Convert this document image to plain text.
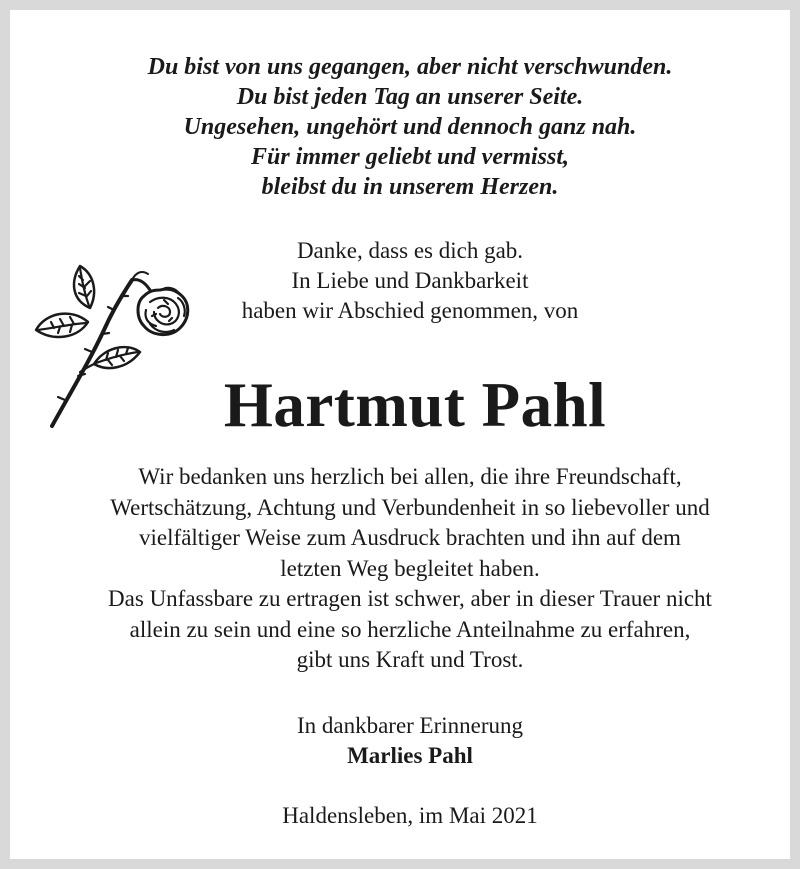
Du bist von uns gegangen, aber nicht verschwunden.
Du bist jeden Tag an unserer Seite.
Ungesehen, ungehört und dennoch ganz nah.
Für immer geliebt und vermisst,
bleibst du in unserem Herzen.
Danke, dass es dich gab.
In Liebe und Dankbarkeit
haben wir Abschied genommen, von
Hartmut Pahl
Wir bedanken uns herzlich bei allen, die ihre Freundschaft,
Wertschätzung, Achtung und Verbundenheit in so liebevoller und
vielfältiger Weise zum Ausdruck brachten und ihn auf dem
letzten Weg begleitet haben.
Das Unfassbare zu ertragen ist schwer, aber in dieser Trauer nicht
allein zu sein und eine so herzliche Anteilnahme zu erfahren,
gibt uns Kraft und Trost.
In dankbarer Erinnerung
Marlies Pahl
Haldensleben, im Mai 2021
